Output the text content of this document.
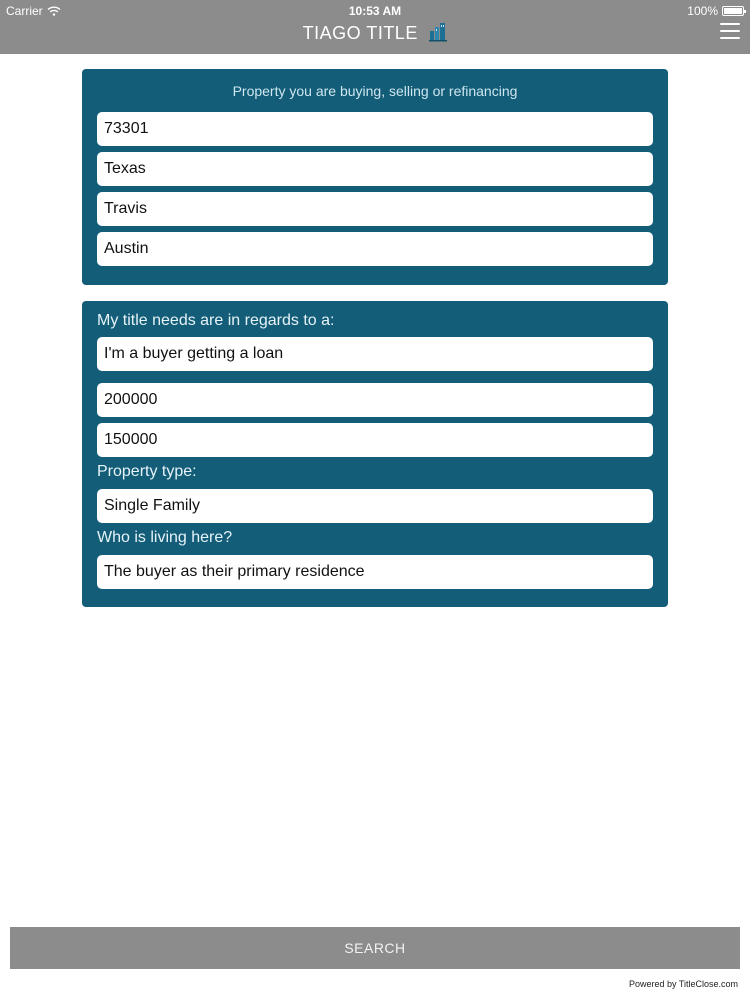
Carrier	10:53 AM	100%
TIAGO TITLE
Property you are buying, selling or refinancing
73301
Texas
Travis
Austin
My title needs are in regards to a:
I'm a buyer getting a loan
200000
150000
Property type:
Single Family
Who is living here?
The buyer as their primary residence
SEARCH
Powered by TitleClose.com
